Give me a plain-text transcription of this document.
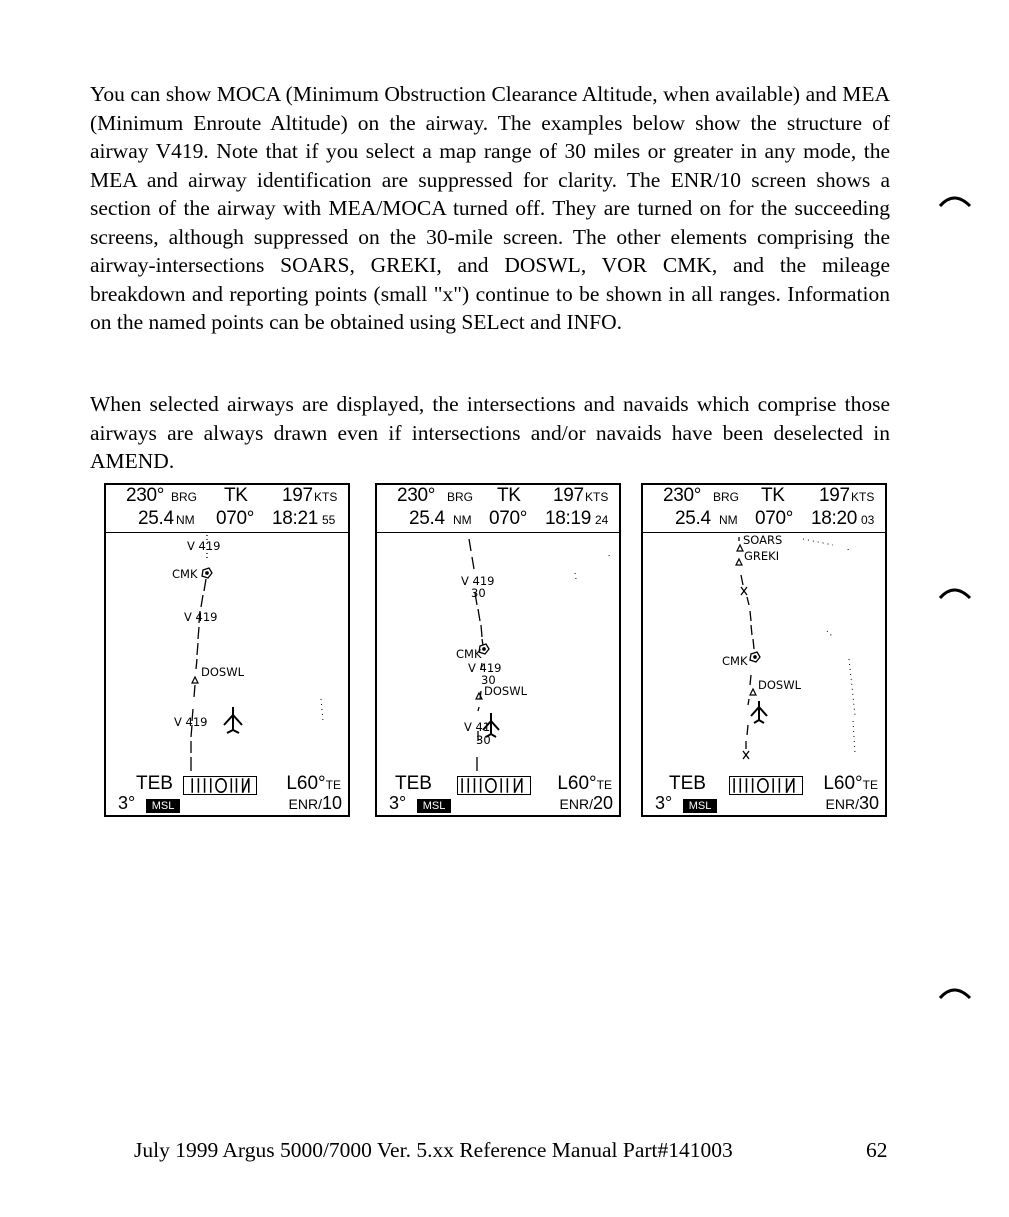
You can show MOCA (Minimum Obstruction Clearance Altitude, when available) and MEA (Minimum Enroute Altitude) on the airway. The examples below show the structure of airway V419. Note that if you select a map range of 30 miles or greater in any mode, the MEA and airway identification are suppressed for clarity. The ENR/10 screen shows a section of the airway with MEA/MOCA turned off. They are turned on for the succeeding screens, although suppressed on the 30-mile screen. The other elements comprising the airway-intersections SOARS, GREKI, and DOSWL, VOR CMK, and the mileage breakdown and reporting points (small "x") continue to be shown in all ranges. Information on the named points can be obtained using SELect and INFO.

When selected airways are displayed, the intersections and navaids which comprise those airways are always drawn even if intersections and/or navaids have been deselected in AMEND.

230° BRG TK 197 KTS
25.4 NM 070° 18:21 55
V 419
CMK
V 419
DOSWL
V 419
TEB	L60°TE
3°	MSL	ENR/10
230° BRG TK 197 KTS
25.4 NM 070° 18:19 24
V 419
30
CMK
V 419
30
DOSWL
V 41
30
TEB	L60°TE
3°	MSL	ENR/20
230° BRG TK 197 KTS
25.4 NM 070° 18:20 03
SOARS
GREKI
CMK
DOSWL
TEB	L60°TE
3°	MSL	ENR/30
July 1999 Argus 5000/7000 Ver. 5.xx Reference Manual Part#141003	62
